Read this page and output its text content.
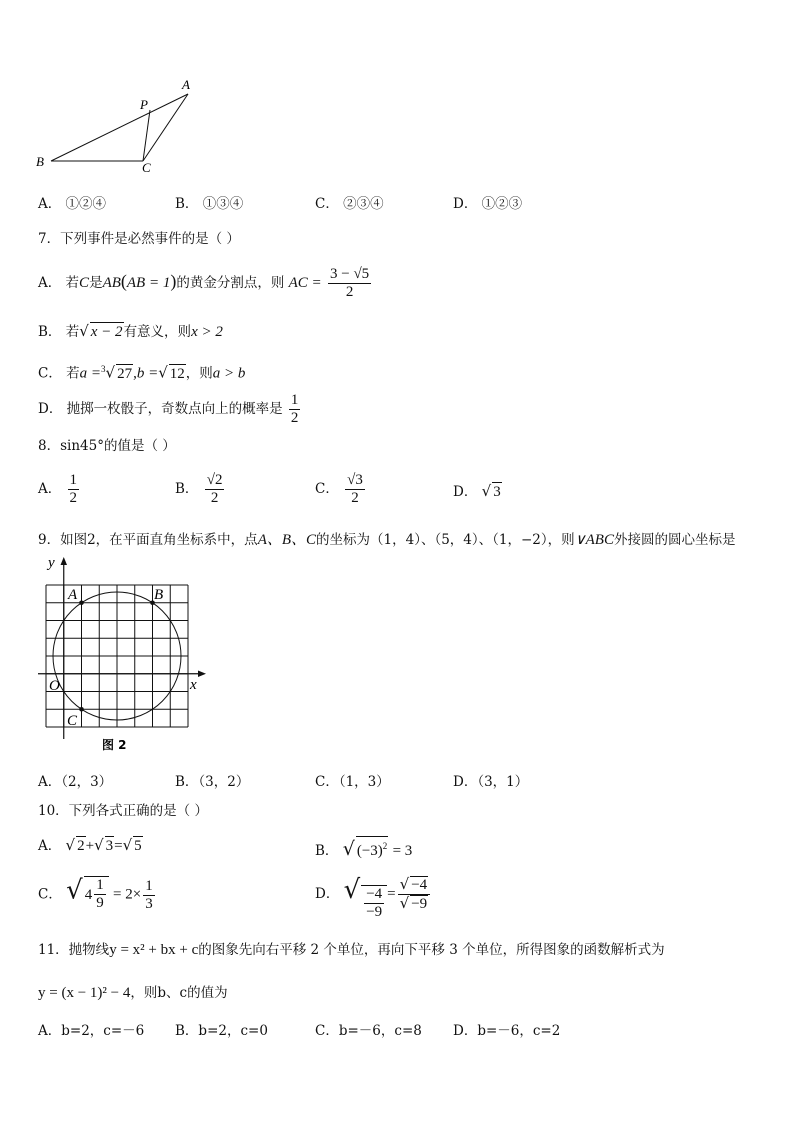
A
P
B	C
A． ①②④	B． ①③④	C． ②③④	D． ①②③
7．下列事件是必然事件的是（ ）
A． 若C是AB(AB = 1)的黄金分割点，则 AC = $\frac{3 - √5}{2}$
B． 若√ x − 2有意义，则x > 2
C． 若a =$^3$√ 27,b =√ 12，则a > b
D． 抛掷一枚骰子，奇数点向上的概率是 $\frac{1}{2}$
8．sin45°的值是（ ）
A． $\frac{1}{2}$	B． $\frac{√2}{2}$	C． $\frac{√3}{2}$	D． √ 3
9．如图2，在平面直角坐标系中，点A、B、C的坐标为（1，4）、（5，4）、（1，−2），则∨ABC外接圆的圆心坐标是
y
x
O
A	B
C
图 2
A．（2，3）	B．（3，2）	C．（1，3）	D．（3，1）
10．下列各式正确的是（ ）
A． √ 2+√ 3=√ 5	B． √ $(-3)^2 = 3$
C． √ $4 \frac{1}{9} = 2\times \frac{1}{3}$	D． √ $\frac{-4}{-9} = \frac{√ -4}{√ -9}$
11．抛物线y = x² + bx + c的图象先向右平移 2 个单位，再向下平移 3 个单位，所得图象的函数解析式为
y = (x − 1)² − 4，则b、c的值为
A．b=2，c=－6 B．b=2，c=0	C．b=－6，c=8 D．b=－6，c=2
